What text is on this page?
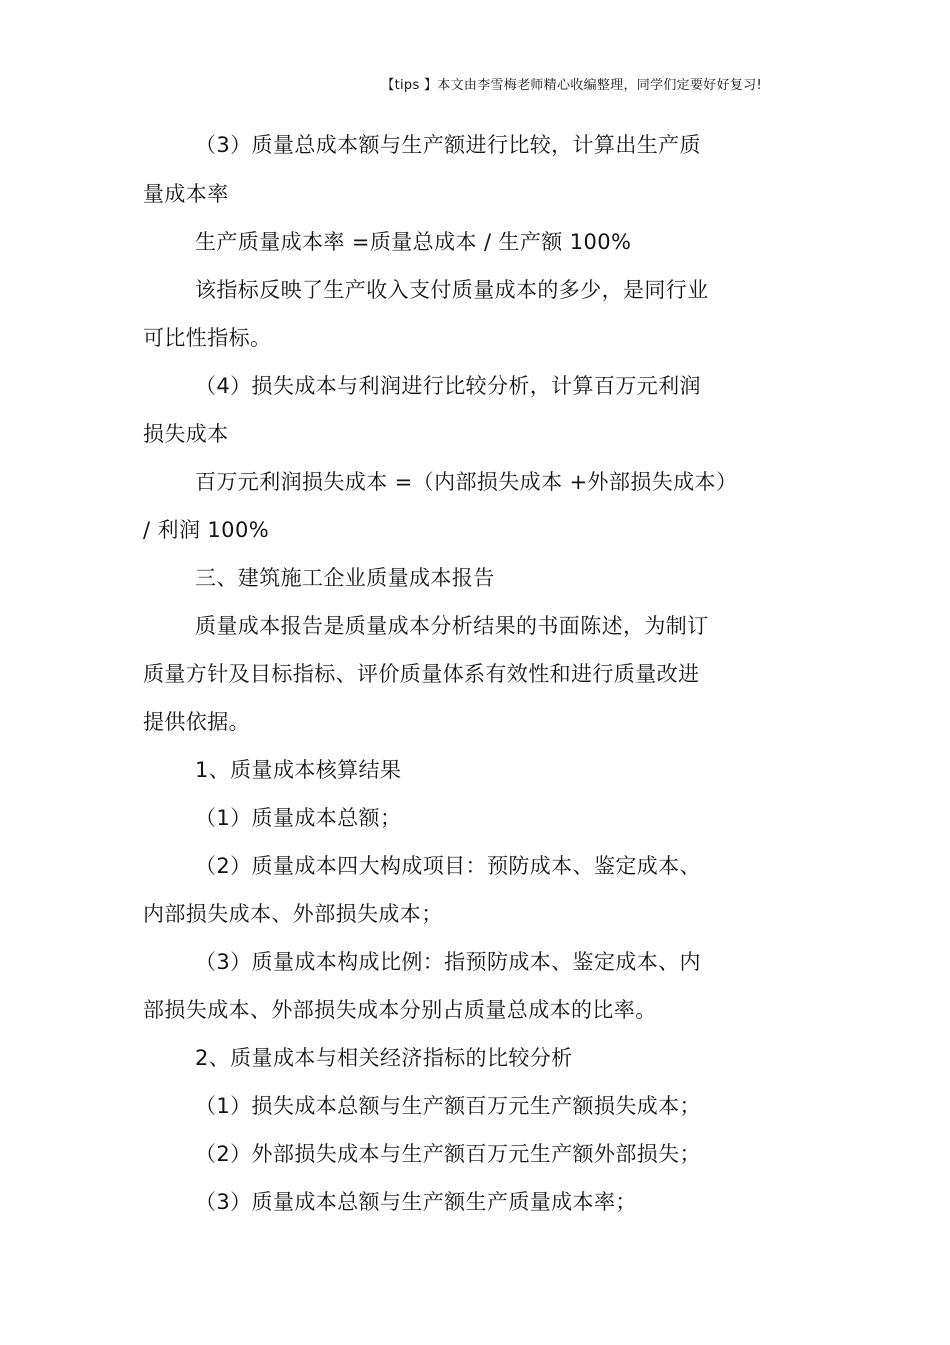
【tips 】本文由李雪梅老师精心收编整理，同学们定要好好复习!
（3）质量总成本额与生产额进行比较，计算出生产质
量成本率
生产质量成本率 =质量总成本 / 生产额 100%
该指标反映了生产收入支付质量成本的多少，是同行业
可比性指标。
（4）损失成本与利润进行比较分析，计算百万元利润
损失成本
百万元利润损失成本 =（内部损失成本 +外部损失成本）
/ 利润 100%
三、建筑施工企业质量成本报告
质量成本报告是质量成本分析结果的书面陈述，为制订
质量方针及目标指标、评价质量体系有效性和进行质量改进
提供依据。
1、质量成本核算结果
（1）质量成本总额；
（2）质量成本四大构成项目：预防成本、鉴定成本、
内部损失成本、外部损失成本；
（3）质量成本构成比例：指预防成本、鉴定成本、内
部损失成本、外部损失成本分别占质量总成本的比率。
2、质量成本与相关经济指标的比较分析
（1）损失成本总额与生产额百万元生产额损失成本；
（2）外部损失成本与生产额百万元生产额外部损失；
（3）质量成本总额与生产额生产质量成本率；
